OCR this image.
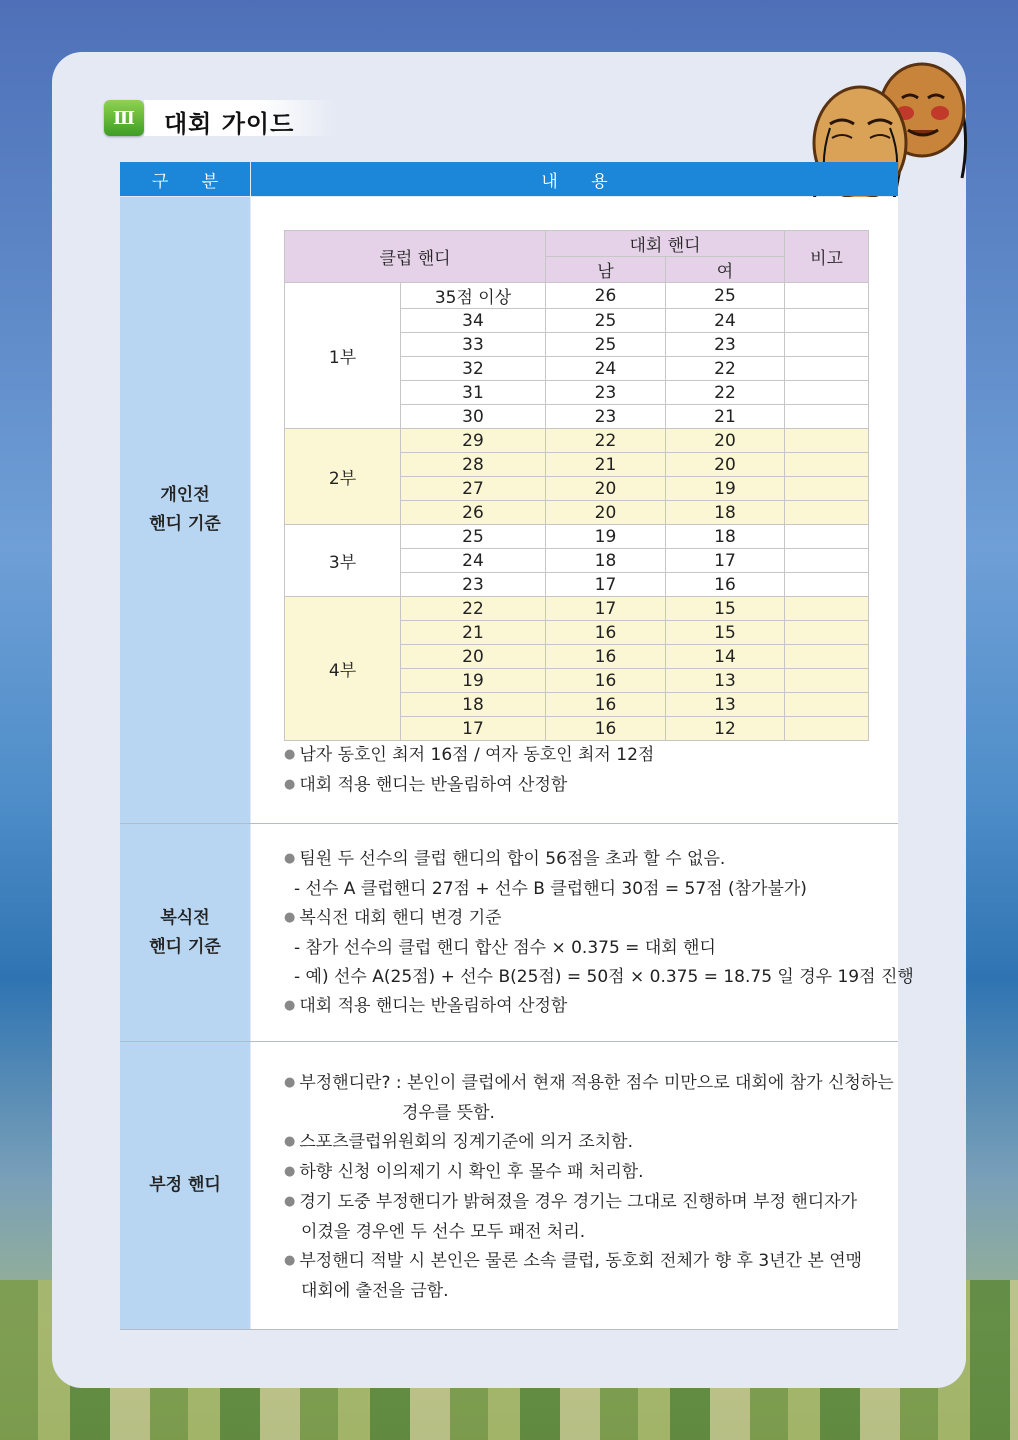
Ⅲ	대회 가이드
구 분	내 용
개인전
핸디 기준
클럽 핸디		대회 핸디		비고
		남	여	
1부	35점 이상	26	25	
	34	25	24	
	33	25	23	
	32	24	22	
	31	23	22	
	30	23	21	
2부	29	22	20	
	28	21	20	
	27	20	19	
	26	20	18	
3부	25	19	18	
	24	18	17	
	23	17	16	
4부	22	17	15	
	21	16	15	
	20	16	14	
	19	16	13	
	18	16	13	
	17	16	12	
● 남자 동호인 최저 16점 / 여자 동호인 최저 12점
● 대회 적용 핸디는 반올림하여 산정함
복식전
핸디 기준
● 팀원 두 선수의 클럽 핸디의 합이 56점을 초과 할 수 없음.
- 선수 A 클럽핸디 27점 + 선수 B 클럽핸디 30점 = 57점 (참가불가)
● 복식전 대회 핸디 변경 기준
- 참가 선수의 클럽 핸디 합산 점수 × 0.375 = 대회 핸디
- 예) 선수 A(25점) + 선수 B(25점) = 50점 × 0.375 = 18.75 일 경우 19점 진행
● 대회 적용 핸디는 반올림하여 산정함
부정 핸디
● 부정핸디란? : 본인이 클럽에서 현재 적용한 점수 미만으로 대회에 참가 신청하는
경우를 뜻함.
● 스포츠클럽위원회의 징계기준에 의거 조치함.
● 하향 신청 이의제기 시 확인 후 몰수 패 처리함.
● 경기 도중 부정핸디가 밝혀졌을 경우 경기는 그대로 진행하며 부정 핸디자가
이겼을 경우엔 두 선수 모두 패전 처리.
● 부정핸디 적발 시 본인은 물론 소속 클럽, 동호회 전체가 향 후 3년간 본 연맹
대회에 출전을 금함.
